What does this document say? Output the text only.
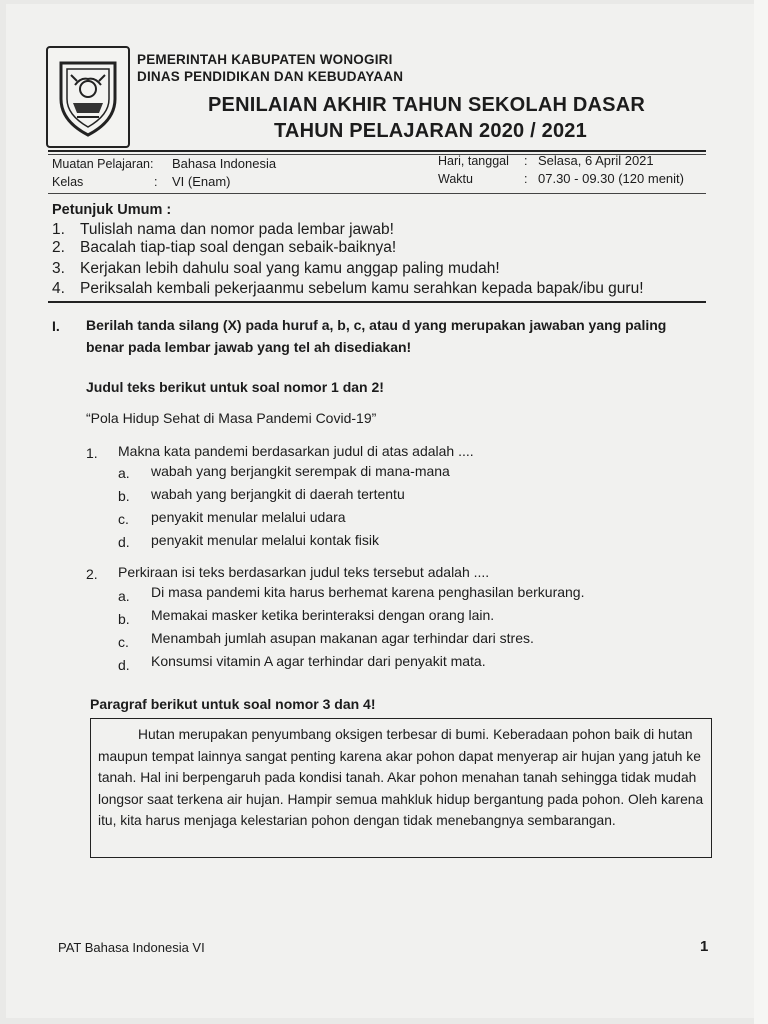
PEMERINTAH KABUPATEN WONOGIRI
DINAS PENDIDIKAN DAN KEBUDAYAAN
PENILAIAN AKHIR TAHUN SEKOLAH DASAR
TAHUN PELAJARAN 2020 / 2021
Muatan Pelajaran : Bahasa Indonesia
Kelas	: VI (Enam)
Hari, tanggal : Selasa, 6 April 2021
Waktu	: 07.30 - 09.30 (120 menit)
Petunjuk Umum :
1. Tulislah nama dan nomor pada lembar jawab!
2. Bacalah tiap-tiap soal dengan sebaik-baiknya!
3. Kerjakan lebih dahulu soal yang kamu anggap paling mudah!
4. Periksalah kembali pekerjaanmu sebelum kamu serahkan kepada bapak/ibu guru!
I. Berilah tanda silang (X) pada huruf a, b, c, atau d yang merupakan jawaban yang paling benar pada lembar jawab yang tel ah disediakan!
Judul teks berikut untuk soal nomor 1 dan 2!
“Pola Hidup Sehat di Masa Pandemi Covid-19”
1. Makna kata pandemi berdasarkan judul di atas adalah ....
a. wabah yang berjangkit serempak di mana-mana
b. wabah yang berjangkit di daerah tertentu
c. penyakit menular melalui udara
d. penyakit menular melalui kontak fisik
2. Perkiraan isi teks berdasarkan judul teks tersebut adalah ....
a. Di masa pandemi kita harus berhemat karena penghasilan berkurang.
b. Memakai masker ketika berinteraksi dengan orang lain.
c. Menambah jumlah asupan makanan agar terhindar dari stres.
d. Konsumsi vitamin A agar terhindar dari penyakit mata.
Paragraf berikut untuk soal nomor 3 dan 4!

Hutan merupakan penyumbang oksigen terbesar di bumi. Keberadaan pohon baik di hutan maupun tempat lainnya sangat penting karena akar pohon dapat menyerap air hujan yang jatuh ke tanah. Hal ini berpengaruh pada kondisi tanah. Akar pohon menahan tanah sehingga tidak mudah longsor saat terkena air hujan. Hampir semua mahkluk hidup bergantung pada pohon. Oleh karena itu, kita harus menjaga kelestarian pohon dengan tidak menebangnya sembarangan.

PAT Bahasa Indonesia VI	1
